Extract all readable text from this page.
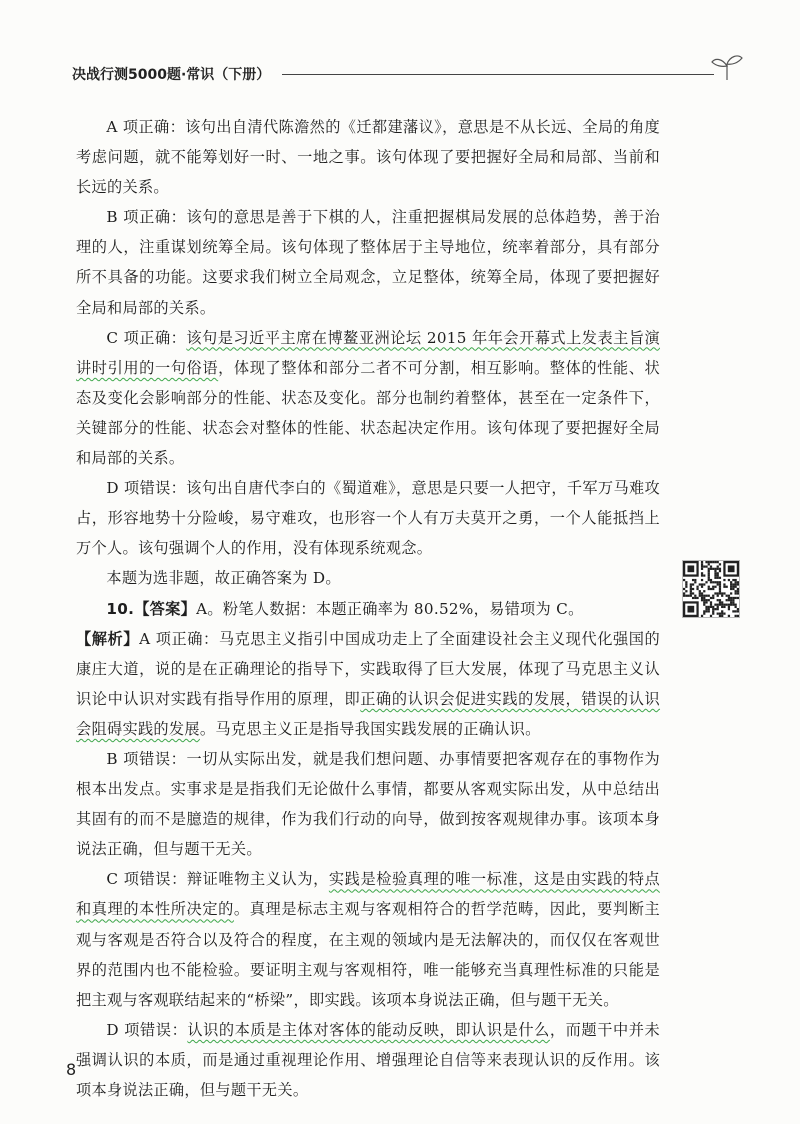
决战行测5000题·常识（下册）

A 项正确：该句出自清代陈澹然的《迁都建藩议》，意思是不从长远、全局的角度考虑问题，就不能筹划好一时、一地之事。该句体现了要把握好全局和局部、当前和长远的关系。

B 项正确：该句的意思是善于下棋的人，注重把握棋局发展的总体趋势，善于治理的人，注重谋划统筹全局。该句体现了整体居于主导地位，统率着部分，具有部分所不具备的功能。这要求我们树立全局观念，立足整体，统筹全局，体现了要把握好全局和局部的关系。

C 项正确：该句是习近平主席在博鳌亚洲论坛 2015 年年会开幕式上发表主旨演讲时引用的一句俗语，体现了整体和部分二者不可分割，相互影响。整体的性能、状态及变化会影响部分的性能、状态及变化。部分也制约着整体，甚至在一定条件下，关键部分的性能、状态会对整体的性能、状态起决定作用。该句体现了要把握好全局和局部的关系。

D 项错误：该句出自唐代李白的《蜀道难》，意思是只要一人把守，千军万马难攻占，形容地势十分险峻，易守难攻，也形容一个人有万夫莫开之勇，一个人能抵挡上万个人。该句强调个人的作用，没有体现系统观念。

本题为选非题，故正确答案为 D。

10.【答案】A。粉笔人数据：本题正确率为 80.52%，易错项为 C。

【解析】A 项正确：马克思主义指引中国成功走上了全面建设社会主义现代化强国的康庄大道，说的是在正确理论的指导下，实践取得了巨大发展，体现了马克思主义认识论中认识对实践有指导作用的原理，即正确的认识会促进实践的发展，错误的认识会阻碍实践的发展。马克思主义正是指导我国实践发展的正确认识。

B 项错误：一切从实际出发，就是我们想问题、办事情要把客观存在的事物作为根本出发点。实事求是是指我们无论做什么事情，都要从客观实际出发，从中总结出其固有的而不是臆造的规律，作为我们行动的向导，做到按客观规律办事。该项本身说法正确，但与题干无关。

C 项错误：辩证唯物主义认为，实践是检验真理的唯一标准，这是由实践的特点和真理的本性所决定的。真理是标志主观与客观相符合的哲学范畴，因此，要判断主观与客观是否符合以及符合的程度，在主观的领域内是无法解决的，而仅仅在客观世界的范围内也不能检验。要证明主观与客观相符，唯一能够充当真理性标准的只能是把主观与客观联结起来的“桥梁”，即实践。该项本身说法正确，但与题干无关。

D 项错误：认识的本质是主体对客体的能动反映，即认识是什么，而题干中并未强调认识的本质，而是通过重视理论作用、增强理论自信等来表现认识的反作用。该项本身说法正确，但与题干无关。

8
